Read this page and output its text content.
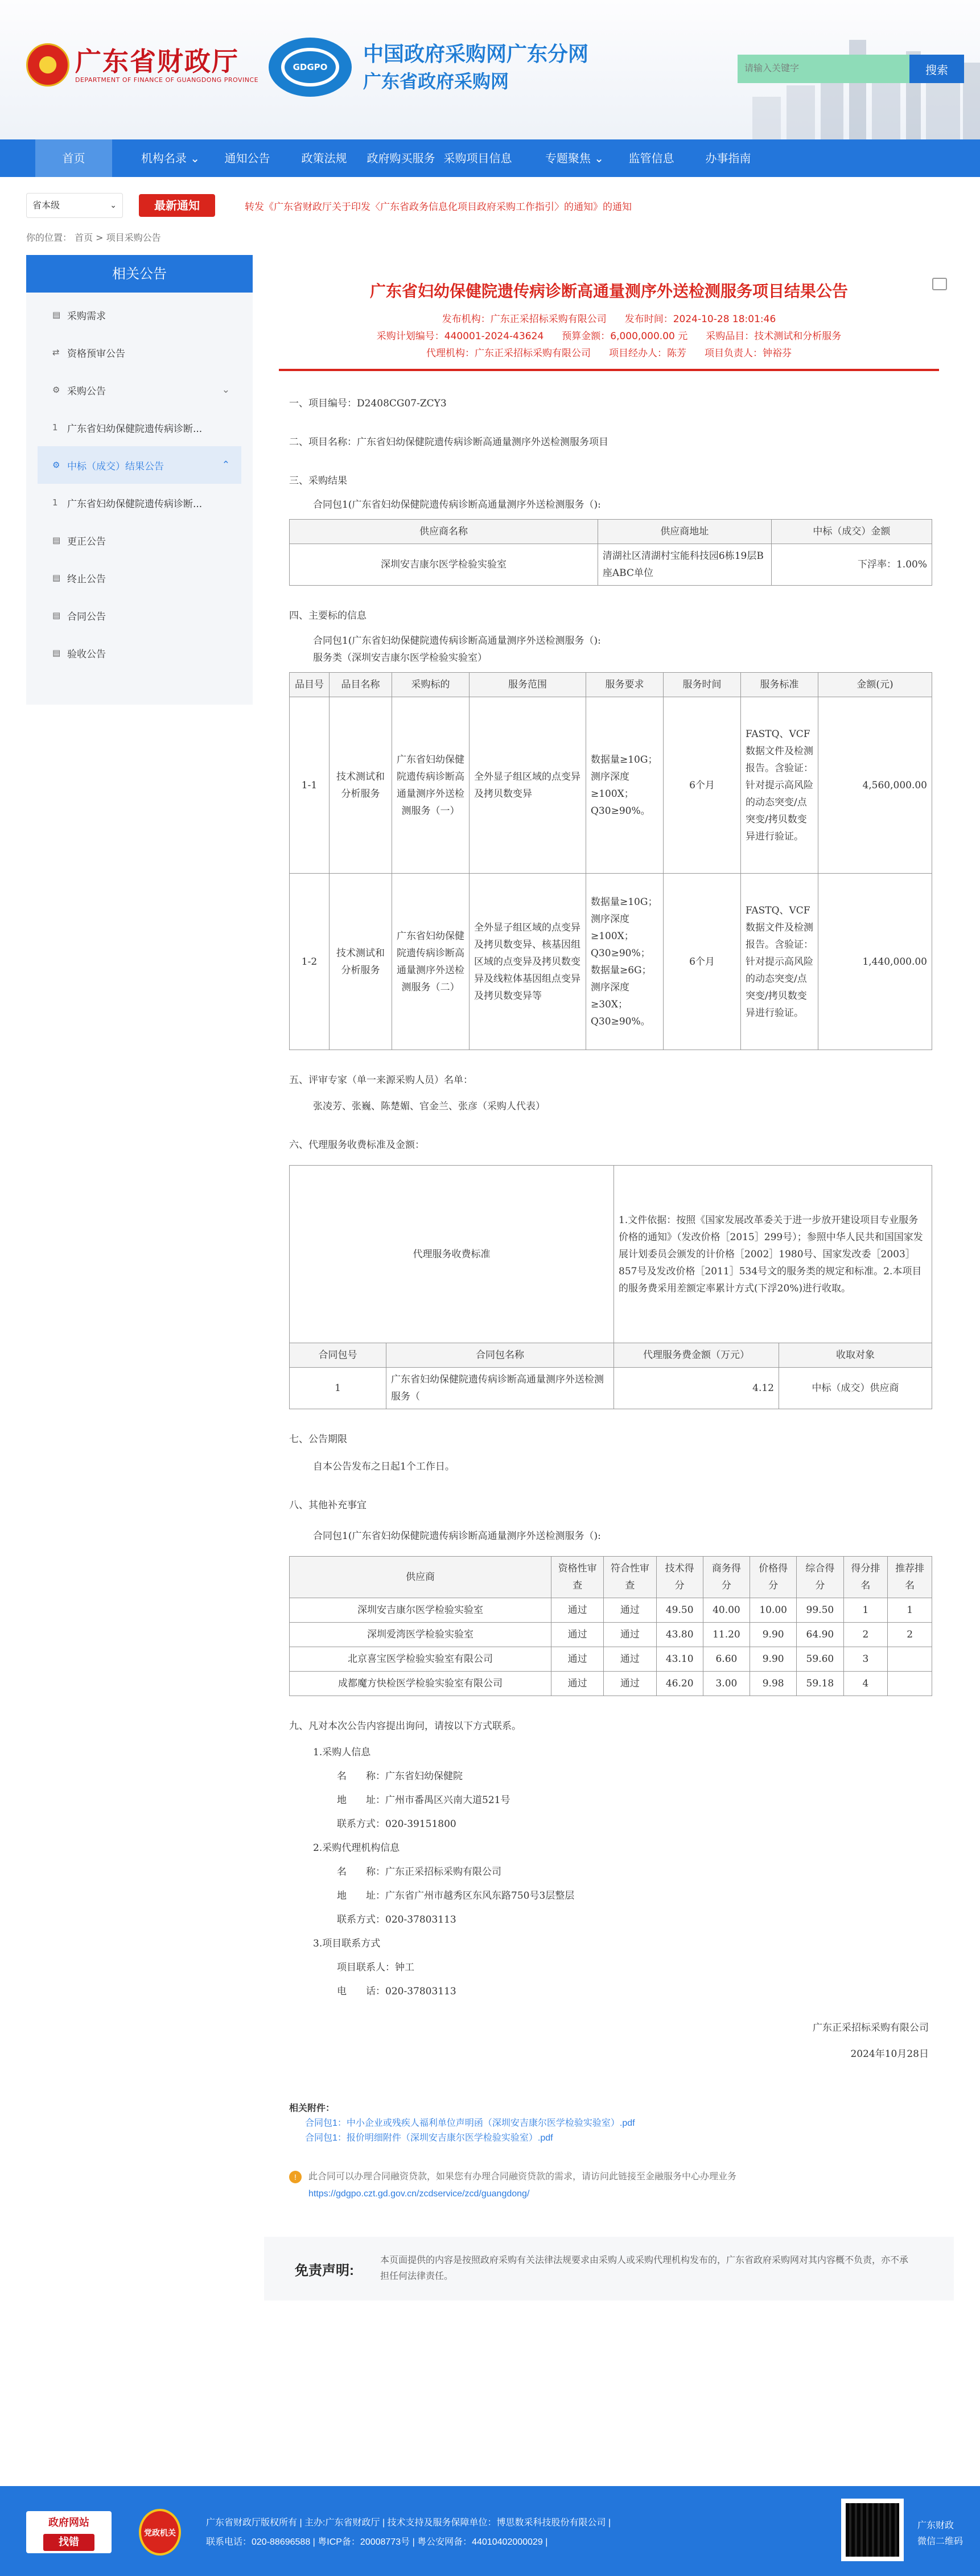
广东省财政厅
DEPARTMENT OF FINANCE OF GUANGDONG PROVINCE
GDGPO
中国政府采购网广东分网
广东省政府采购网
请输入关键字
搜索
首页	机构名录 ⌄	通知公告	政策法规	政府购买服务 采购项目信息 ⌄
专题聚焦 ⌄	监管信息	办事指南
省本级	⌄	最新通知	转发《广东省财政厅关于印发〈广东省政务信息化项目政府采购工作指引〉的通知》的通知
你的位置： 首页 > 项目采购公告
相关公告
▤ 采购需求
⇄ 资格预审公告
⚙ 采购公告	⌄
1 广东省妇幼保健院遗传病诊断...
⚙ 中标（成交）结果公告	⌃
1 广东省妇幼保健院遗传病诊断...
▤ 更正公告
▤ 终止公告
▤ 合同公告
▤ 验收公告
广东省妇幼保健院遗传病诊断高通量测序外送检测服务项目结果公告
发布机构：广东正采招标采购有限公司 发布时间：2024-10-28 18:01:46
采购计划编号：440001-2024-43624 预算金额：6,000,000.00 元 采购品目：技术测试和分析服务
代理机构：广东正采招标采购有限公司 项目经办人：陈芳 项目负责人：钟裕芬
一、项目编号：D2408CG07-ZCY3
二、项目名称：广东省妇幼保健院遗传病诊断高通量测序外送检测服务项目
三、采购结果
合同包1(广东省妇幼保健院遗传病诊断高通量测序外送检测服务（):
供应商名称	供应商地址	中标（成交）金额
深圳安吉康尔医学检验实验室	清湖社区清湖村宝能科技园6栋19层B座ABC单位	下浮率：1.00%
四、主要标的信息
合同包1(广东省妇幼保健院遗传病诊断高通量测序外送检测服务（):
服务类（深圳安吉康尔医学检验实验室）
品目号	品目名称	采购标的	服务范围	服务要求	服务时间	服务标准	金额(元)
1-1	技术测试和分析服务	广东省妇幼保健院遗传病诊断高通量测序外送检测服务（一）	全外显子组区域的点变异及拷贝数变异	数据量≥10G；测序深度≥100X；Q30≥90%。	6个月	FASTQ、VCF数据文件及检测报告。含验证：针对提示高风险的动态突变/点突变/拷贝数变异进行验证。	4,560,000.00
1-2	技术测试和分析服务	广东省妇幼保健院遗传病诊断高通量测序外送检测服务（二）	全外显子组区域的点变异及拷贝数变异、核基因组区域的点变异及拷贝数变异及线粒体基因组点变异及拷贝数变异等	数据量≥10G；测序深度≥100X；Q30≥90%；数据量≥6G；测序深度≥30X；Q30≥90%。	6个月	FASTQ、VCF数据文件及检测报告。含验证：针对提示高风险的动态突变/点突变/拷贝数变异进行验证。	1,440,000.00
五、评审专家（单一来源采购人员）名单：
张凌芳、张巍、陈楚媚、官金兰、张彦（采购人代表）
六、代理服务收费标准及金额：
代理服务收费标准		1.文件依据：按照《国家发展改革委关于进一步放开建设项目专业服务价格的通知》（发改价格［2015］299号）；参照中华人民共和国国家发展计划委员会颁发的计价格［2002］1980号、国家发改委［2003］857号及发改价格［2011］534号文的服务类的规定和标准。2.本项目的服务费采用差额定率累计方式(下浮20%)进行收取。	
合同包号	合同包名称	代理服务费金额（万元）	收取对象
1	广东省妇幼保健院遗传病诊断高通量测序外送检测服务（	4.12	中标（成交）供应商
七、公告期限
自本公告发布之日起1个工作日。
八、其他补充事宜
合同包1(广东省妇幼保健院遗传病诊断高通量测序外送检测服务（):
供应商	资格性审查	符合性审查	技术得分	商务得分	价格得分	综合得分	得分排名	推荐排名
深圳安吉康尔医学检验实验室	通过	通过	49.50	40.00	10.00	99.50	1	1
深圳爱湾医学检验实验室	通过	通过	43.80	11.20	9.90	64.90	2	2
北京喜宝医学检验实验室有限公司	通过	通过	43.10	6.60	9.90	59.60	3	
成都魔方快检医学检验实验室有限公司	通过	通过	46.20	3.00	9.98	59.18	4	
九、凡对本次公告内容提出询问，请按以下方式联系。
1.采购人信息
名　　称：广东省妇幼保健院
地　　址：广州市番禺区兴南大道521号
联系方式：020-39151800
2.采购代理机构信息
名　　称：广东正采招标采购有限公司
地　　址：广东省广州市越秀区东风东路750号3层整层
联系方式：020-37803113
3.项目联系方式
项目联系人：钟工
电　　话：020-37803113
广东正采招标采购有限公司
2024年10月28日
相关附件：
合同包1：中小企业或残疾人福利单位声明函（深圳安吉康尔医学检验实验室）.pdf
合同包1：报价明细附件（深圳安吉康尔医学检验实验室）.pdf
!	此合同可以办理合同融资贷款，如果您有办理合同融资贷款的需求，请访问此链接至金融服务中心办理业务
https://gdgpo.czt.gd.gov.cn/zcdservice/zcd/guangdong/
免责声明:
本页面提供的内容是按照政府采购有关法律法规要求由采购人或采购代理机构发布的，广东省政府采购网对其内容概不负责，亦不承担任何法律责任。
政府网站
找错
党政机关
广东省财政厅版权所有 | 主办:广东省财政厅 | 技术支持及服务保障单位：博思数采科技股份有限公司 |
联系电话：020-88696588 | 粤ICP备：20008773号 | 粤公安网备：44010402000029 |
广东财政
微信二维码
